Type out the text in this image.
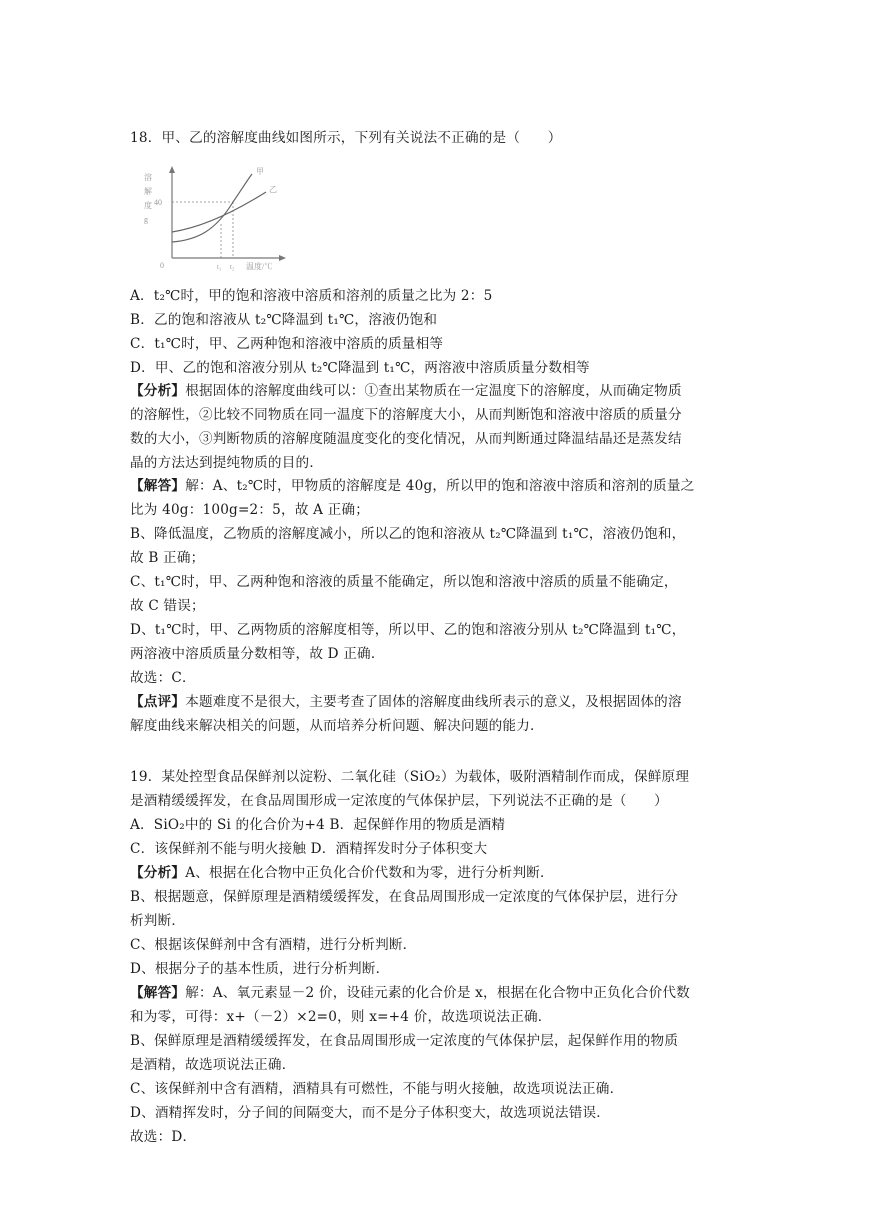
18．甲、乙的溶解度曲线如图所示，下列有关说法不正确的是（　　）
溶解度 g
40
甲
乙
0	t₁ t₂ 温度/℃
A．t₂℃时，甲的饱和溶液中溶质和溶剂的质量之比为 2：5
B．乙的饱和溶液从 t₂℃降温到 t₁℃，溶液仍饱和
C．t₁℃时，甲、乙两种饱和溶液中溶质的质量相等
D．甲、乙的饱和溶液分别从 t₂℃降温到 t₁℃，两溶液中溶质质量分数相等
【分析】根据固体的溶解度曲线可以：①查出某物质在一定温度下的溶解度，从而确定物质
的溶解性，②比较不同物质在同一温度下的溶解度大小，从而判断饱和溶液中溶质的质量分
数的大小，③判断物质的溶解度随温度变化的变化情况，从而判断通过降温结晶还是蒸发结
晶的方法达到提纯物质的目的．
【解答】解：A、t₂℃时，甲物质的溶解度是 40g，所以甲的饱和溶液中溶质和溶剂的质量之
比为 40g：100g=2：5，故 A 正确；
B、降低温度，乙物质的溶解度减小，所以乙的饱和溶液从 t₂℃降温到 t₁℃，溶液仍饱和，
故 B 正确；
C、t₁℃时，甲、乙两种饱和溶液的质量不能确定，所以饱和溶液中溶质的质量不能确定，
故 C 错误；
D、t₁℃时，甲、乙两物质的溶解度相等，所以甲、乙的饱和溶液分别从 t₂℃降温到 t₁℃，
两溶液中溶质质量分数相等，故 D 正确．
故选：C．
【点评】本题难度不是很大，主要考查了固体的溶解度曲线所表示的意义，及根据固体的溶
解度曲线来解决相关的问题，从而培养分析问题、解决问题的能力．
19．某处控型食品保鲜剂以淀粉、二氧化硅（SiO₂）为载体，吸附酒精制作而成，保鲜原理
是酒精缓缓挥发，在食品周围形成一定浓度的气体保护层，下列说法不正确的是（　　）
A．SiO₂中的 Si 的化合价为+4 B．起保鲜作用的物质是酒精
C．该保鲜剂不能与明火接触 D．酒精挥发时分子体积变大
【分析】A、根据在化合物中正负化合价代数和为零，进行分析判断．
B、根据题意，保鲜原理是酒精缓缓挥发，在食品周围形成一定浓度的气体保护层，进行分
析判断．
C、根据该保鲜剂中含有酒精，进行分析判断．
D、根据分子的基本性质，进行分析判断．
【解答】解：A、氧元素显－2 价，设硅元素的化合价是 x，根据在化合物中正负化合价代数
和为零，可得：x+（－2）×2=0，则 x=+4 价，故选项说法正确．
B、保鲜原理是酒精缓缓挥发，在食品周围形成一定浓度的气体保护层，起保鲜作用的物质
是酒精，故选项说法正确．
C、该保鲜剂中含有酒精，酒精具有可燃性，不能与明火接触，故选项说法正确．
D、酒精挥发时，分子间的间隔变大，而不是分子体积变大，故选项说法错误．
故选：D．
